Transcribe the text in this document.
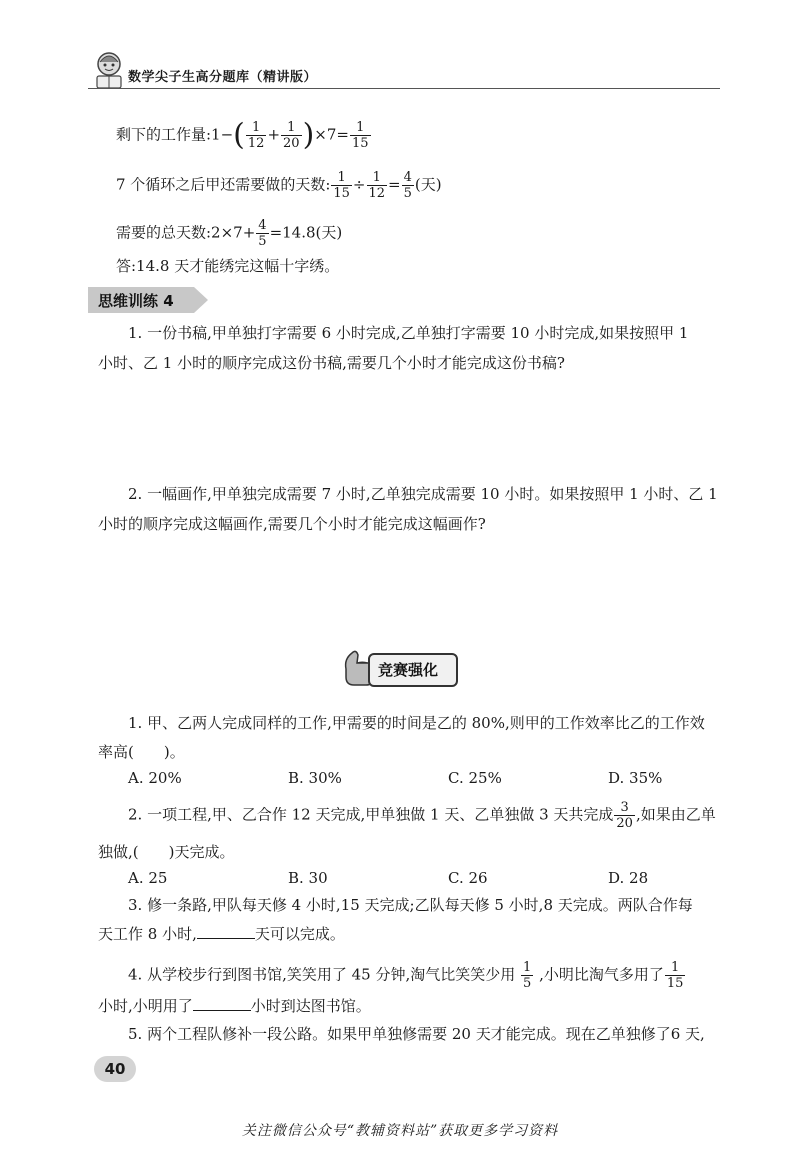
数学尖子生高分题库（精讲版）
剩下的工作量:1−( $\frac{1}{12} + \frac{1}{20} )\times 7= \frac{1}{15}$
7 个循环之后甲还需要做的天数: $\frac{1}{15} \div \frac{1}{12} = \frac{4}{5}$ (天)
需要的总天数:2×7+ $\frac{4}{5} =14.8$(天)
答:14.8 天才能绣完这幅十字绣。
思维训练 4
1. 一份书稿,甲单独打字需要 6 小时完成,乙单独打字需要 10 小时完成,如果按照甲 1
小时、乙 1 小时的顺序完成这份书稿,需要几个小时才能完成这份书稿?
2. 一幅画作,甲单独完成需要 7 小时,乙单独完成需要 10 小时。如果按照甲 1 小时、乙 1
小时的顺序完成这幅画作,需要几个小时才能完成这幅画作?
竞赛强化
1. 甲、乙两人完成同样的工作,甲需要的时间是乙的 80%,则甲的工作效率比乙的工作效
率高(　　)。
A. 20%	B. 30%	C. 25%	D. 35%
2. 一项工程,甲、乙合作 12 天完成,甲单独做 1 天、乙单独做 3 天共完成 $\frac{3}{20}$ ,如果由乙单
独做,(　　)天完成。
A. 25	B. 30	C. 26	D. 28
3. 修一条路,甲队每天修 4 小时,15 天完成;乙队每天修 5 小时,8 天完成。两队合作每
天工作 8 小时,	天可以完成。
4. 从学校步行到图书馆,笑笑用了 45 分钟,淘气比笑笑少用 $\frac{1}{5}$ ,小明比淘气多用了 $\frac{1}{15}$
小时,小明用了	小时到达图书馆。
5. 两个工程队修补一段公路。如果甲单独修需要 20 天才能完成。现在乙单独修了6 天,
40
关注微信公众号“教辅资料站”获取更多学习资料
